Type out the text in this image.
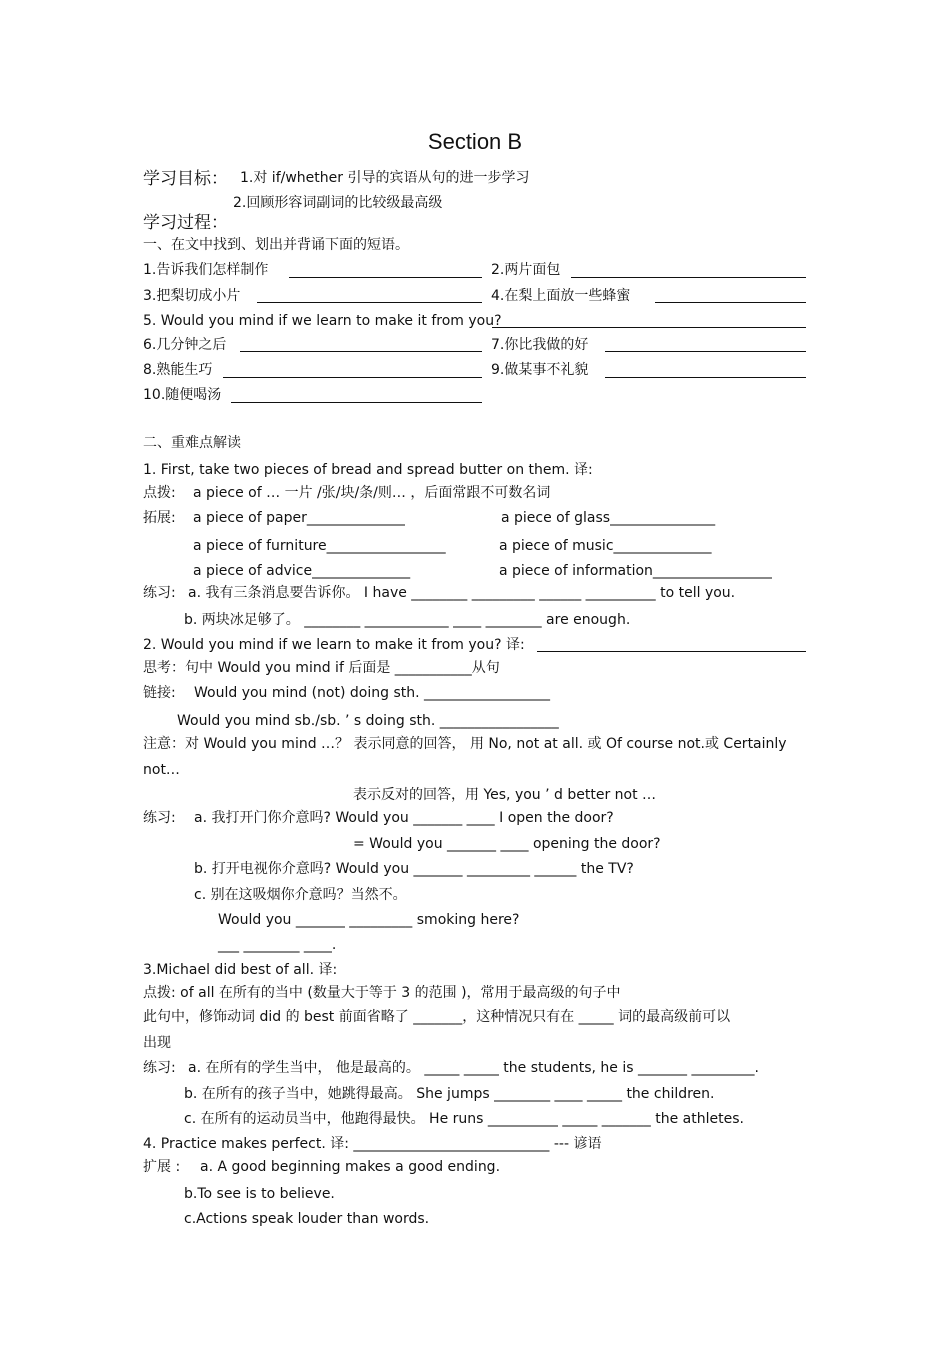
Section B
学习目标： 1.对 if/whether 引导的宾语从句的进一步学习
2.回顾形容词副词的比较级最高级
学习过程：
一、在文中找到、划出并背诵下面的短语。
1.告诉我们怎样制作	2.两片面包
3.把梨切成小片	4.在梨上面放一些蜂蜜
5. Would you mind if we learn to make it from you?
6.几分钟之后	7.你比我做的好
8.熟能生巧	9.做某事不礼貌
10.随便喝汤
二、重难点解读
1. First, take two pieces of bread and spread butter on them. 译:
点拨: a piece of … 一片 /张/块/条/则… ，后面常跟不可数名词
拓展: a piece of paper______________	a piece of glass_______________
a piece of furniture_________________	a piece of music______________
a piece of advice______________	a piece of information_________________
练习: a. 我有三条消息要告诉你。 I have ________ _________ ______ __________ to tell you.
b. 两块冰足够了。 ________ ____________ ____ ________ are enough.
2. Would you mind if we learn to make it from you? 译:
思考：句中 Would you mind if 后面是 ___________从句
链接: Would you mind (not) doing sth. __________________
Would you mind sb./sb. ’ s doing sth. _________________
注意：对 Would you mind …？ 表示同意的回答， 用 No, not at all. 或 Of course not.或 Certainly
not…
表示反对的回答，用 Yes, you ’ d better not …
练习: a. 我打开门你介意吗? Would you _______ ____ I open the door?
= Would you _______ ____ opening the door?
b. 打开电视你介意吗? Would you _______ _________ ______ the TV?
c. 别在这吸烟你介意吗？当然不。
Would you _______ _________ smoking here?
___ ________ ____.
3.Michael did best of all. 译:
点拨: of all 在所有的当中 (数量大于等于 3 的范围 )，常用于最高级的句子中
此句中，修饰动词 did 的 best 前面省略了 _______，这种情况只有在 _____ 词的最高级前可以
出现
练习: a. 在所有的学生当中， 他是最高的。 _____ _____ the students, he is _______ _________.
b. 在所有的孩子当中，她跳得最高。 She jumps ________ ____ _____ the children.
c. 在所有的运动员当中，他跑得最快。 He runs __________ _____ _______ the athletes.
4. Practice makes perfect. 译: ____________________________ --- 谚语
扩展 : a. A good beginning makes a good ending.
b.To see is to believe.
c.Actions speak louder than words.
